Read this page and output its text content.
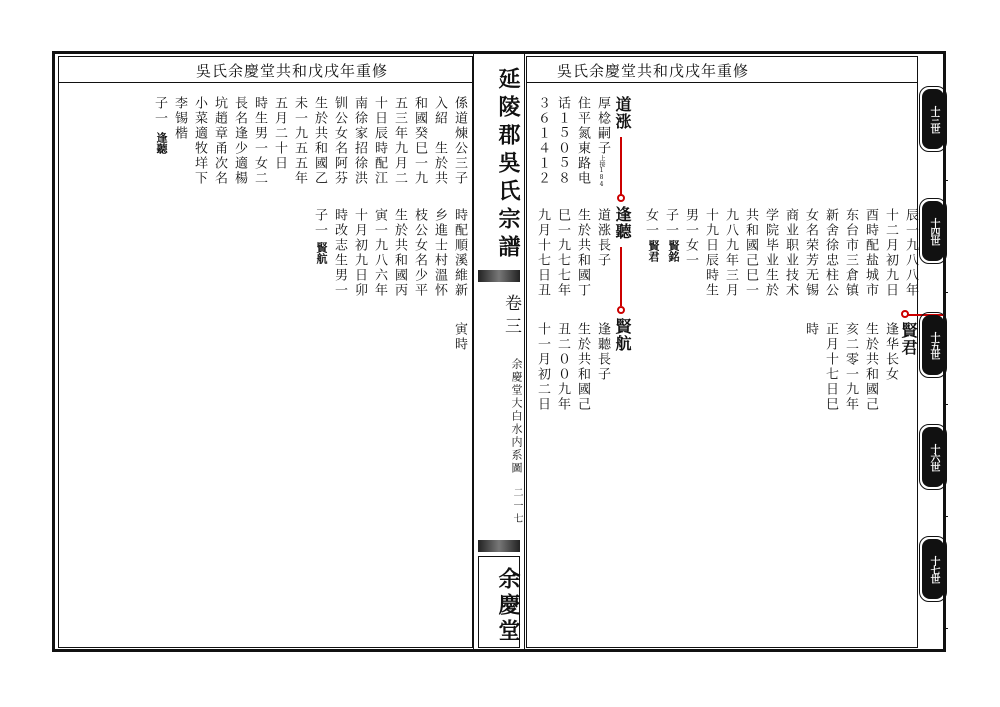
吳氏余慶堂共和戊戌年重修	吳氏余慶堂共和戊戌年重修
延陵郡吳氏宗譜
卷三
余慶堂大白水内系圖
二一七
余慶堂
係道煉公三子
入紹　生於共
和國癸巳一九
五三年九月二
十日辰時配江
南徐家招徐洪
钏公女名阿芬
生於共和國乙
未一九五五年
五月二十日
時生男一女二
長名逢少適楊
坑趙章甬次名
小菜適牧垟下
李锡楷
子一
逢聽
時配順溪維新
乡進士村溫怀
枝公女名少平
生於共和國丙
寅一九八六年
十月初九日卯
時改志生男一
子一
賢航
寅時
厚棯嗣子
住平氮東路电
话１５０５８
３６１４１２	上接184
道涨
逢聽
賢航
道涨長子
生於共和國丁
巳一九七七年
九月十七日丑
逢聽長子
生於共和國己
丑二００九年
十一月初二日
辰一九八八年
十二月初九日
酉時配盐城市
东台市三倉镇
新舍徐忠柱公
女名荣芳无锡
商业职业技术
学院毕业生於
共和國己巳一
九八九年三月
十九日辰時生
男一女一
子一
女一
賢銘
賢君
賢君
逢华长女
生於共和國己
亥二零一九年
正月十七日巳
時
十三世
十四世
十五世
十六世
十七世
